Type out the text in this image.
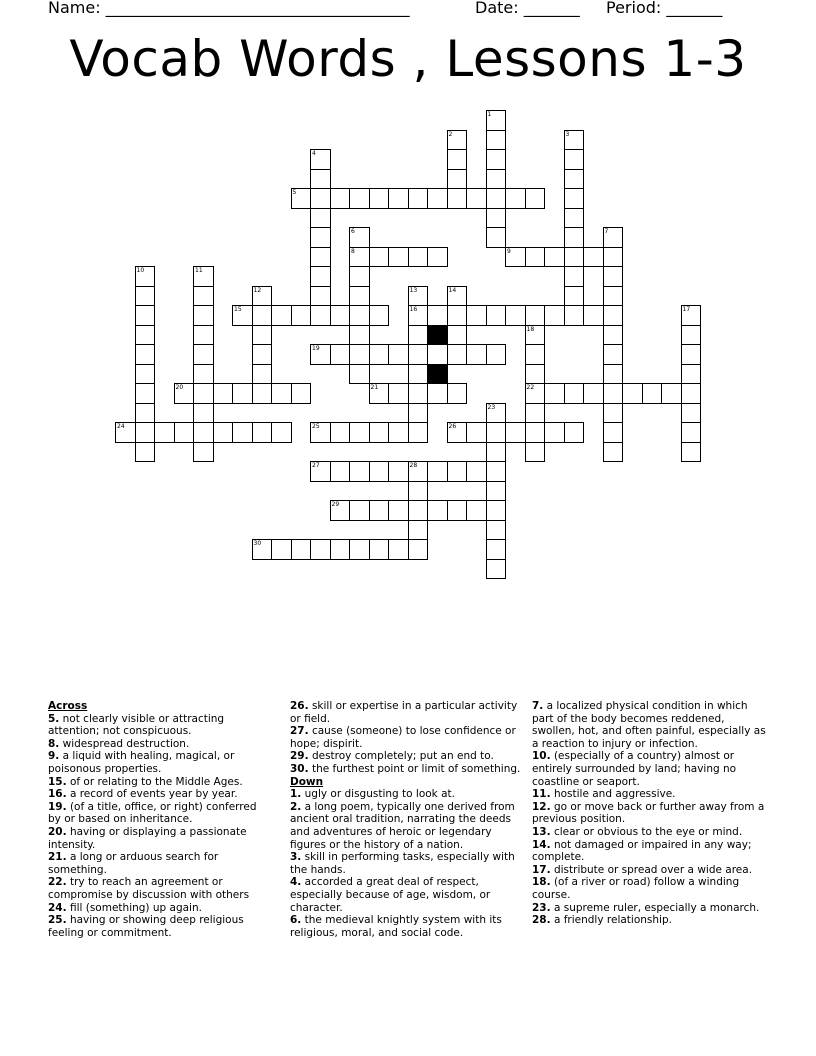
Name: ______________________________________

	Date: _______

Period: _______

Vocab Words , Lessons 1-3
1
2	3
4
5
6	7
8	9
10	11
12	13	14
15	16	17
18
19
20	21	22
23
24	25	26
27	28
29
30

Across

5. not clearly visible or attracting attention; not conspicuous.

8. widespread destruction.

9. a liquid with healing, magical, or poisonous properties.

15. of or relating to the Middle Ages.

16. a record of events year by year.

19. (of a title, office, or right) conferred by or based on inheritance.

20. having or displaying a passionate intensity.

21. a long or arduous search for something.

22. try to reach an agreement or compromise by discussion with others

24. fill (something) up again.

25. having or showing deep religious feeling or commitment.

26. skill or expertise in a particular activity or field.

27. cause (someone) to lose confidence or hope; dispirit.

29. destroy completely; put an end to.

30. the furthest point or limit of something.

Down

1. ugly or disgusting to look at.

2. a long poem, typically one derived from ancient oral tradition, narrating the deeds and adventures of heroic or legendary figures or the history of a nation.

3. skill in performing tasks, especially with the hands.

4. accorded a great deal of respect, especially because of age, wisdom, or character.

6. the medieval knightly system with its religious, moral, and social code.

7. a localized physical condition in which part of the body becomes reddened, swollen, hot, and often painful, especially as a reaction to injury or infection.

10. (especially of a country) almost or entirely surrounded by land; having no coastline or seaport.

11. hostile and aggressive.

12. go or move back or further away from a previous position.

13. clear or obvious to the eye or mind.

14. not damaged or impaired in any way; complete.

17. distribute or spread over a wide area.

18. (of a river or road) follow a winding course.

23. a supreme ruler, especially a monarch.

28. a friendly relationship.
